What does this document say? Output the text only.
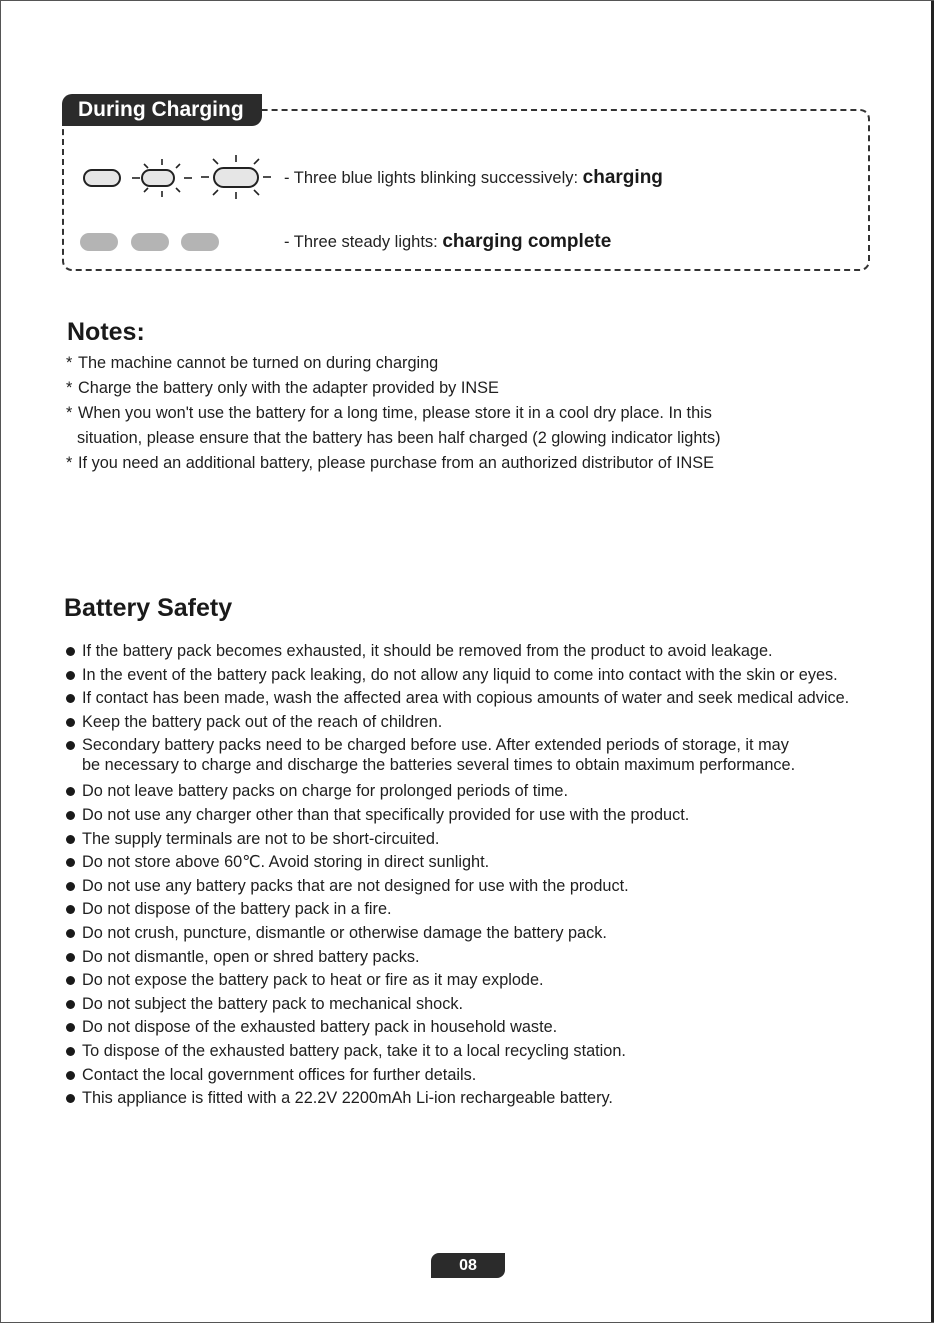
During Charging
- Three blue lights blinking successively: charging
- Three steady lights: charging complete
Notes:
* The machine cannot be turned on during charging
* Charge the battery only with the adapter provided by INSE
* When you won't use the battery for a long time, please store it in a cool dry place. In this
situation, please ensure that the battery has been half charged (2 glowing indicator lights)
* If you need an additional battery, please purchase from an authorized distributor of INSE
Battery Safety
If the battery pack becomes exhausted, it should be removed from the product to avoid leakage.
In the event of the battery pack leaking, do not allow any liquid to come into contact with the skin or eyes.
If contact has been made, wash the affected area with copious amounts of water and seek medical advice.
Keep the battery pack out of the reach of children.
Secondary battery packs need to be charged before use. After extended periods of storage, it may
be necessary to charge and discharge the batteries several times to obtain maximum performance.
Do not leave battery packs on charge for prolonged periods of time.
Do not use any charger other than that specifically provided for use with the product.
The supply terminals are not to be short-circuited.
Do not store above 60℃. Avoid storing in direct sunlight.
Do not use any battery packs that are not designed for use with the product.
Do not dispose of the battery pack in a fire.
Do not crush, puncture, dismantle or otherwise damage the battery pack.
Do not dismantle, open or shred battery packs.
Do not expose the battery pack to heat or fire as it may explode.
Do not subject the battery pack to mechanical shock.
Do not dispose of the exhausted battery pack in household waste.
To dispose of the exhausted battery pack, take it to a local recycling station.
Contact the local government offices for further details.
This appliance is fitted with a 22.2V 2200mAh Li-ion rechargeable battery.
08
